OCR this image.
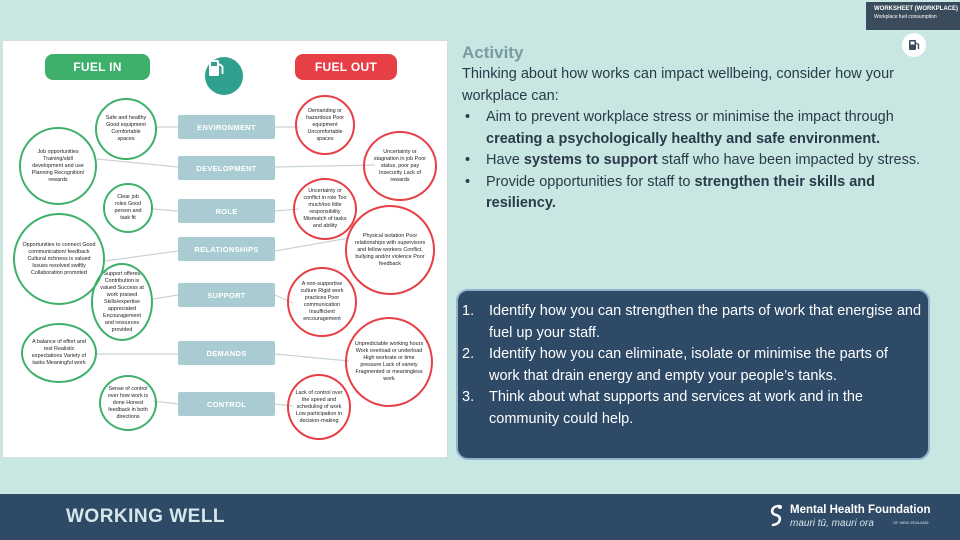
WORKSHEET (WORKPLACE)
Workplace fuel consumption
FUEL IN	FUEL OUT
ENVIRONMENT
DEVELOPMENT
ROLE
RELATIONSHIPS
SUPPORT
DEMANDS
CONTROL
Safe and healthy Good equipment Comfortable spaces
Job opportunities Training/skill development and use Planning Recognition/ rewards
Clear job roles Good person and task fit
Opportunities to connect Good communication/ feedback Cultural richness is valued Issues resolved swiftly Collaboration promoted	Support offered Contribution is valued Success at work praised Skills/expertise appreciated Encouragement and resources provided
A balance of effort and rest Realistic expectations Variety of tasks Meaningful work
Sense of control over how work is done Honest feedback in both directions
Demanding or hazardous Poor equipment Uncomfortable spaces
Uncertainty or stagnation in job Poor status, poor pay Insecurity Lack of rewards
Uncertainty or conflict in role Too much/too little responsibility Mismatch of tasks and ability
Physical isolation Poor relationships with supervisors and fellow workers Conflict, bullying and/or violence Poor feedback
A non-supportive culture Rigid work practices Poor communication Insufficient encouragement
Unpredictable working hours Work overload or underload High workrate or time pressure Lack of variety Fragmented or meaningless work
Lack of control over the speed and scheduling of work Low participation in decision-making
Activity
Thinking about how works can impact wellbeing, consider how your workplace can:
• Aim to prevent workplace stress or minimise the impact through creating a psychologically healthy and safe environment.
• Have systems to support staff who have been impacted by stress.
• Provide opportunities for staff to strengthen their skills and resiliency.
1. Identify how you can strengthen the parts of work that energise and fuel up your staff.
2. Identify how you can eliminate, isolate or minimise the parts of work that drain energy and empty your people’s tanks.
3. Think about what supports and services at work and in the community could help.
WORKING WELL	Mental Health Foundation
mauri tū, mauri ora	OF NEW ZEALAND
